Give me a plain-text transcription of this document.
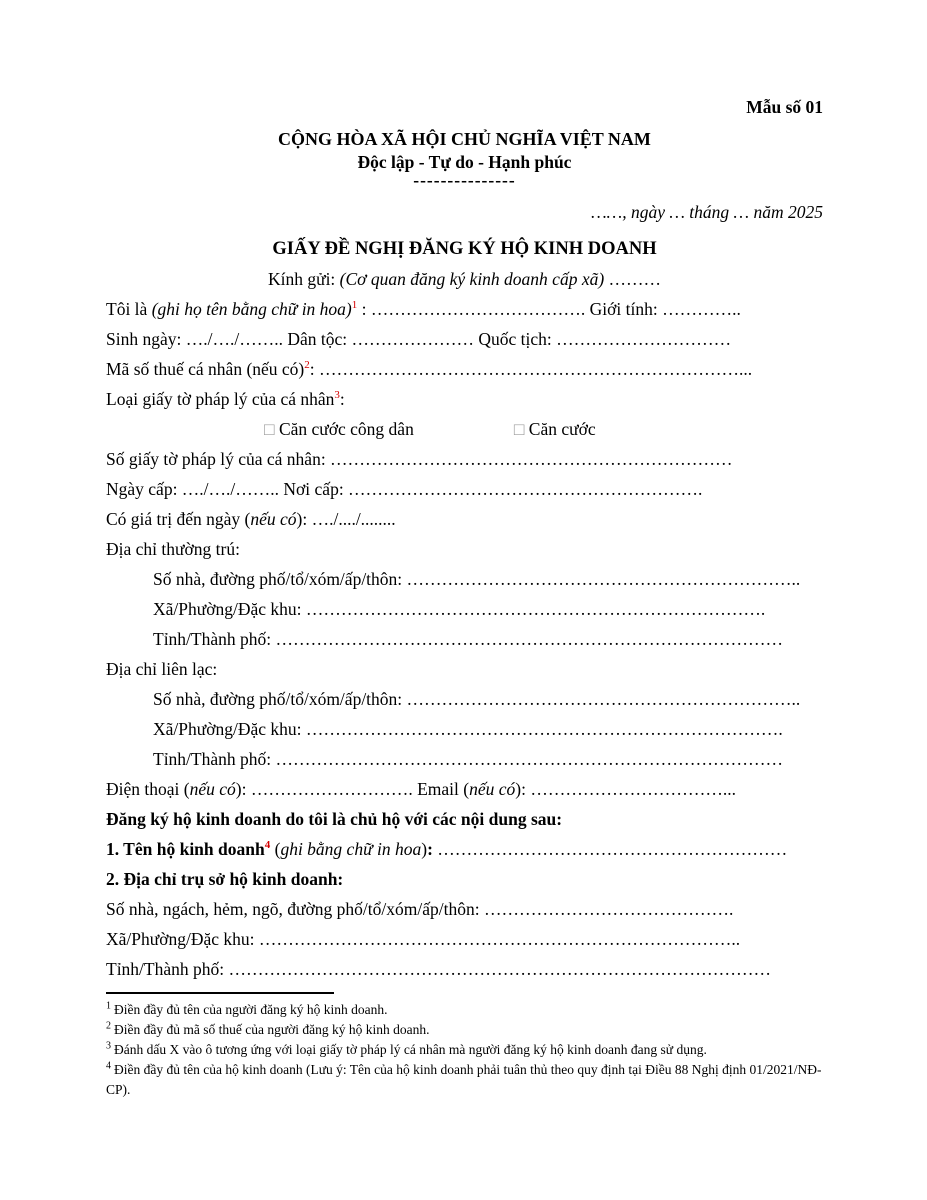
Mẫu số 01
CỘNG HÒA XÃ HỘI CHỦ NGHĨA VIỆT NAM
Độc lập - Tự do - Hạnh phúc
---------------
……, ngày … tháng … năm 2025
GIẤY ĐỀ NGHỊ ĐĂNG KÝ HỘ KINH DOANH
Kính gửi: (Cơ quan đăng ký kinh doanh cấp xã) ………
Tôi là (ghi họ tên bằng chữ in hoa)$^1$ : ………………………………. Giới tính: …………..
Sinh ngày: …./…./…….. Dân tộc: ………………… Quốc tịch: …………………………
Mã số thuế cá nhân (nếu có)$^2$: ………………………………………………………………...
Loại giấy tờ pháp lý của cá nhân$^3$:
□ Căn cước công dân	□ Căn cước
Số giấy tờ pháp lý của cá nhân: ……………………………………………………………
Ngày cấp: …./…./…….. Nơi cấp: …………………………………………………….
Có giá trị đến ngày (nếu có): …./..../........
Địa chỉ thường trú:
Số nhà, đường phố/tổ/xóm/ấp/thôn: …………………………………………………………..
Xã/Phường/Đặc khu: …………………………………………………………………….
Tỉnh/Thành phố: ……………………………………………………………………………
Địa chỉ liên lạc:
Số nhà, đường phố/tổ/xóm/ấp/thôn: …………………………………………………………..
Xã/Phường/Đặc khu: ……………………………………………………………………….
Tỉnh/Thành phố: ……………………………………………………………………………
Điện thoại (nếu có): ………………………. Email (nếu có): ……………………………...
Đăng ký hộ kinh doanh do tôi là chủ hộ với các nội dung sau:
1. Tên hộ kinh doanh$^4$ (ghi bằng chữ in hoa): ……………………………………………………
2. Địa chỉ trụ sở hộ kinh doanh:
Số nhà, ngách, hẻm, ngõ, đường phố/tổ/xóm/ấp/thôn: …………………………………….
Xã/Phường/Đặc khu: ………………………………………………………………………..
Tỉnh/Thành phố: …………………………………………………………………………………
$^1$ Điền đầy đủ tên của người đăng ký hộ kinh doanh.
$^2$ Điền đầy đủ mã số thuế của người đăng ký hộ kinh doanh.
$^3$ Đánh dấu X vào ô tương ứng với loại giấy tờ pháp lý cá nhân mà người đăng ký hộ kinh doanh đang sử dụng.
$^4$ Điền đầy đủ tên của hộ kinh doanh (Lưu ý: Tên của hộ kinh doanh phải tuân thủ theo quy định tại Điều 88 Nghị định 01/2021/NĐ-CP).
